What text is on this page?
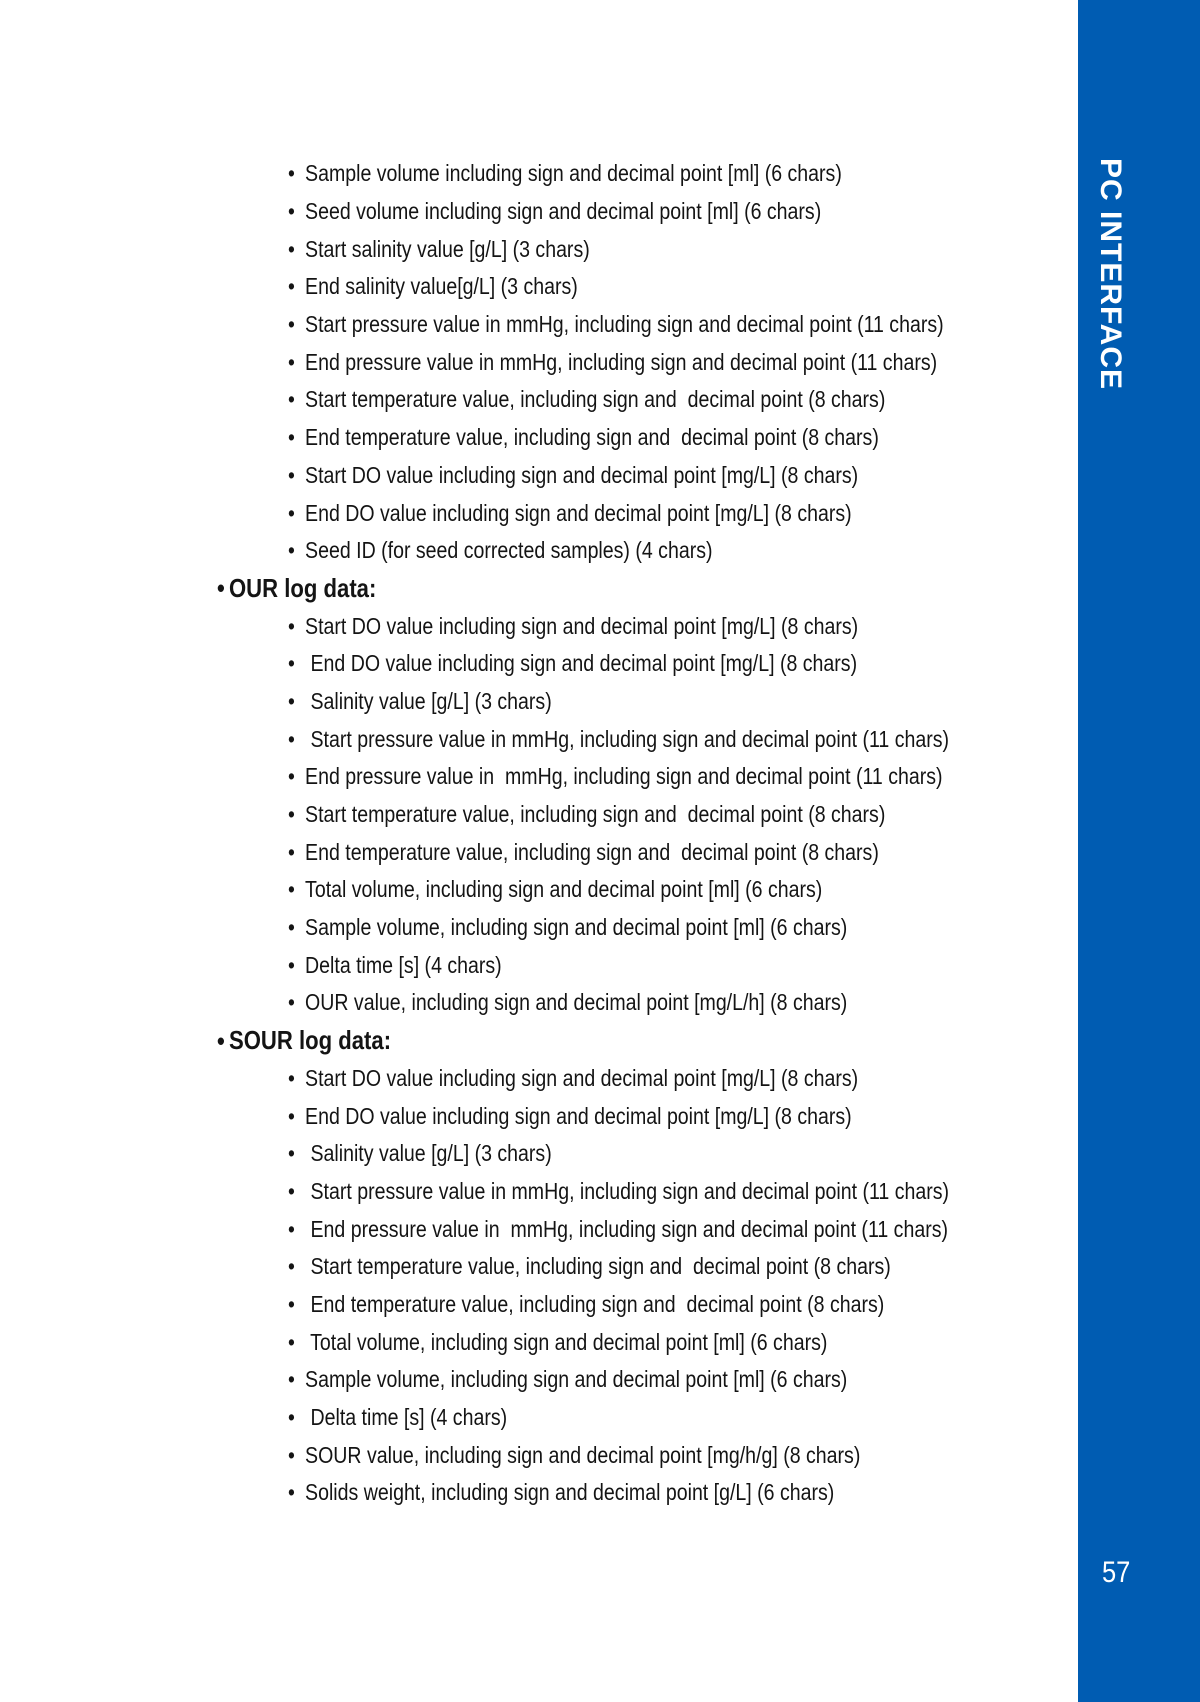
• Sample volume including sign and decimal point [ml] (6 chars)
• Seed volume including sign and decimal point [ml] (6 chars)
• Start salinity value [g/L] (3 chars)
• End salinity value[g/L] (3 chars)
• Start pressure value in mmHg, including sign and decimal point (11 chars)
• End pressure value in mmHg, including sign and decimal point (11 chars)
• Start temperature value, including sign and  decimal point (8 chars)
• End temperature value, including sign and  decimal point (8 chars)
• Start DO value including sign and decimal point [mg/L] (8 chars)
• End DO value including sign and decimal point [mg/L] (8 chars)
• Seed ID (for seed corrected samples) (4 chars)
• OUR log data:
• Start DO value including sign and decimal point [mg/L] (8 chars)
• End DO value including sign and decimal point [mg/L] (8 chars)
• Salinity value [g/L] (3 chars)
• Start pressure value in mmHg, including sign and decimal point (11 chars)
• End pressure value in  mmHg, including sign and decimal point (11 chars)
• Start temperature value, including sign and  decimal point (8 chars)
• End temperature value, including sign and  decimal point (8 chars)
• Total volume, including sign and decimal point [ml] (6 chars)
• Sample volume, including sign and decimal point [ml] (6 chars)
• Delta time [s] (4 chars)
• OUR value, including sign and decimal point [mg/L/h] (8 chars)
• SOUR log data:
• Start DO value including sign and decimal point [mg/L] (8 chars)
• End DO value including sign and decimal point [mg/L] (8 chars)
• Salinity value [g/L] (3 chars)
• Start pressure value in mmHg, including sign and decimal point (11 chars)
• End pressure value in  mmHg, including sign and decimal point (11 chars)
• Start temperature value, including sign and  decimal point (8 chars)
• End temperature value, including sign and  decimal point (8 chars)
• Total volume, including sign and decimal point [ml] (6 chars)
• Sample volume, including sign and decimal point [ml] (6 chars)
• Delta time [s] (4 chars)
• SOUR value, including sign and decimal point [mg/h/g] (8 chars)
• Solids weight, including sign and decimal point [g/L] (6 chars)
PC INTERFACE
57
